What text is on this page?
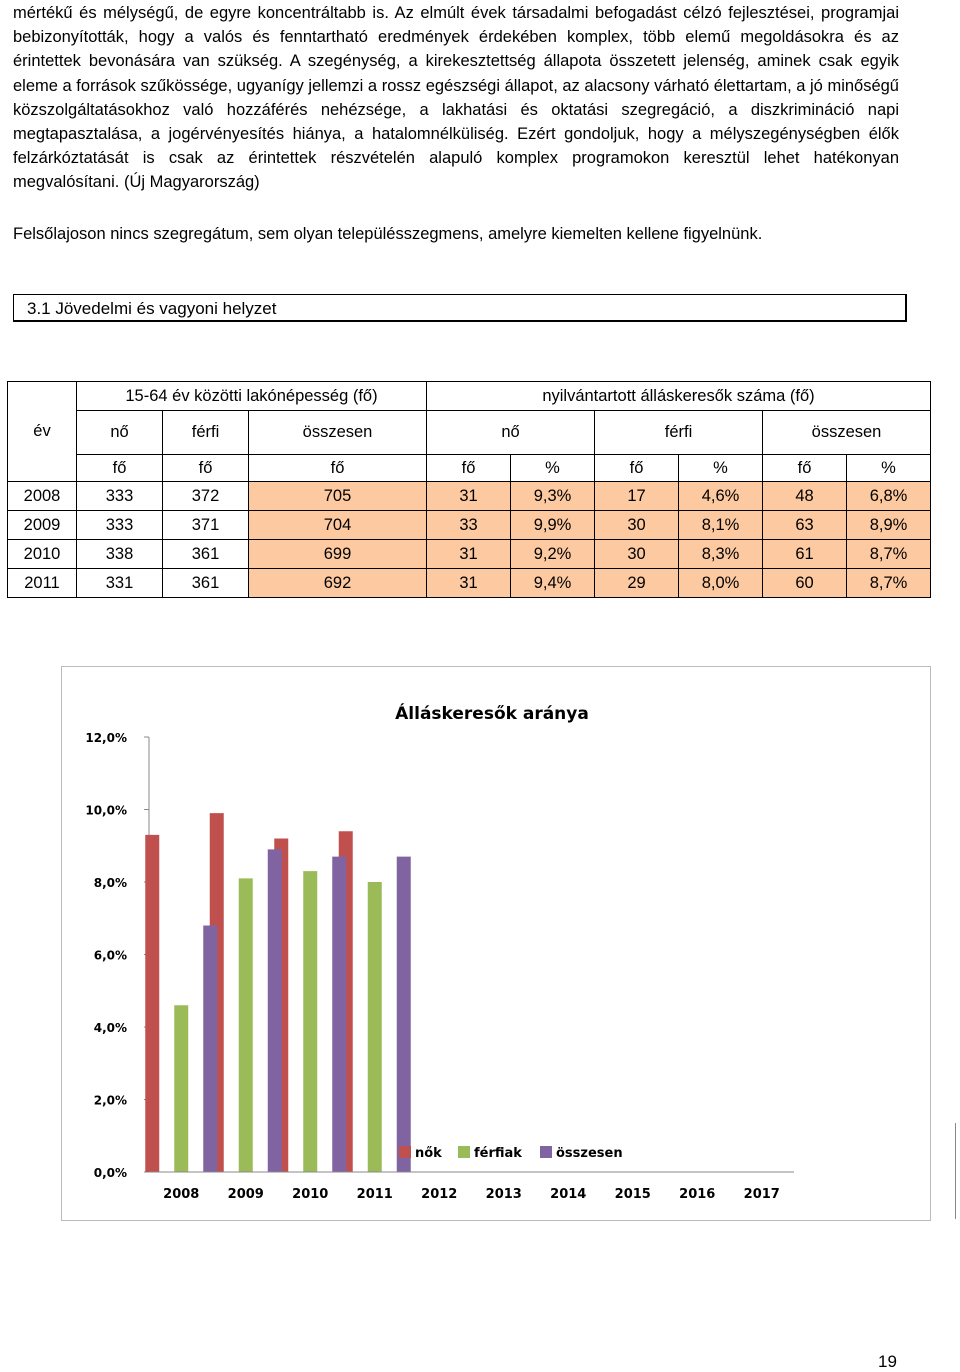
mértékű és mélységű, de egyre koncentráltabb is. Az elmúlt évek társadalmi befogadást célzó fejlesztései, programjai bebizonyították, hogy a valós és fenntartható eredmények érdekében komplex, több elemű megoldásokra és az érintettek bevonására van szükség. A szegénység, a kirekesztettség állapota összetett jelenség, aminek csak egyik eleme a források szűkössége, ugyanígy jellemzi a rossz egészségi állapot, az alacsony várható élettartam, a jó minőségű közszolgáltatásokhoz való hozzáférés nehézsége, a lakhatási és oktatási szegregáció, a diszkrimináció napi megtapasztalása, a jogérvényesítés hiánya, a hatalomnélküliség. Ezért gondoljuk, hogy a mélyszegénységben élők felzárkóztatását is csak az érintettek részvételén alapuló komplex programokon keresztül lehet hatékonyan megvalósítani. (Új Magyarország)

Felsőlajoson nincs szegregátum, sem olyan településszegmens, amelyre kiemelten kellene figyelnünk.

3.1 Jövedelmi és vagyoni helyzet
év	15-64 év közötti lakónépesség (fő)			nyilvántartott álláskeresők száma (fő)					
	nő	férfi	összesen	nő		férfi		összesen	
	fő	fő	fő	fő	%	fő	%	fő	%
2008	333	372	705	31	9,3%	17	4,6%	48	6,8%
2009	333	371	704	33	9,9%	30	8,1%	63	8,9%
2010	338	361	699	31	9,2%	30	8,3%	61	8,7%
2011	331	361	692	31	9,4%	29	8,0%	60	8,7%
Álláskeresők aránya
0,0%
2,0%
4,0%
6,0%
8,0%
10,0%
12,0%
2008 2009 2010 2011 2012 2013 2014 2015 2016 2017
nők férfiak	összesen
19
